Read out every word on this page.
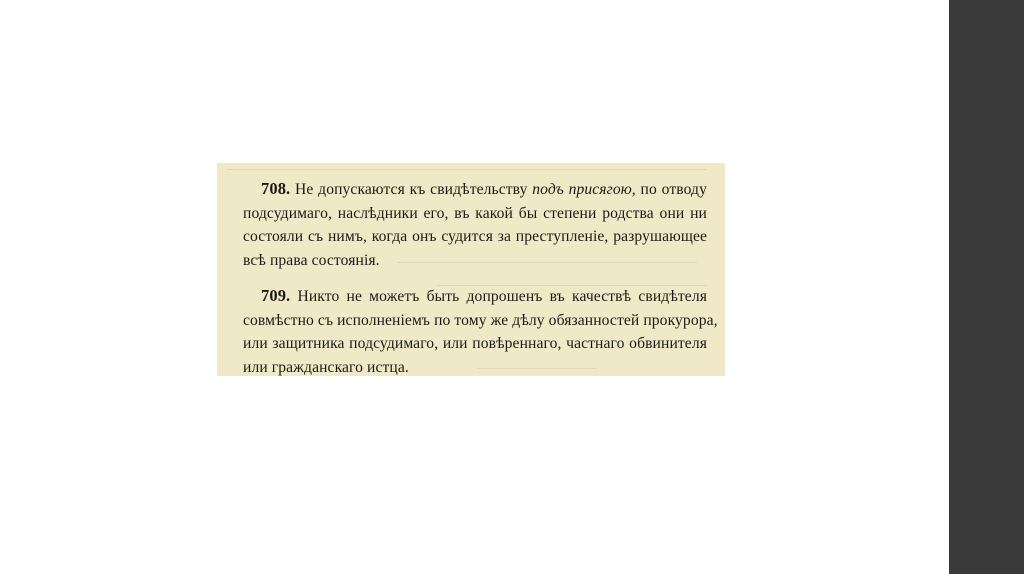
708. Не допускаются къ свидѣтельству подъ присягою, по отводу
подсудимаго, наслѣдники его, въ какой бы степени родства они ни
состояли съ нимъ, когда онъ судится за преступленіе, разрушающее
всѣ права состоянія.
709. Никто не можетъ быть допрошенъ въ качествѣ свидѣтеля
совмѣстно съ исполненіемъ по тому же дѣлу обязанностей прокурора,
или защитника подсудимаго, или повѣреннаго, частнаго обвинителя
или гражданскаго истца.
